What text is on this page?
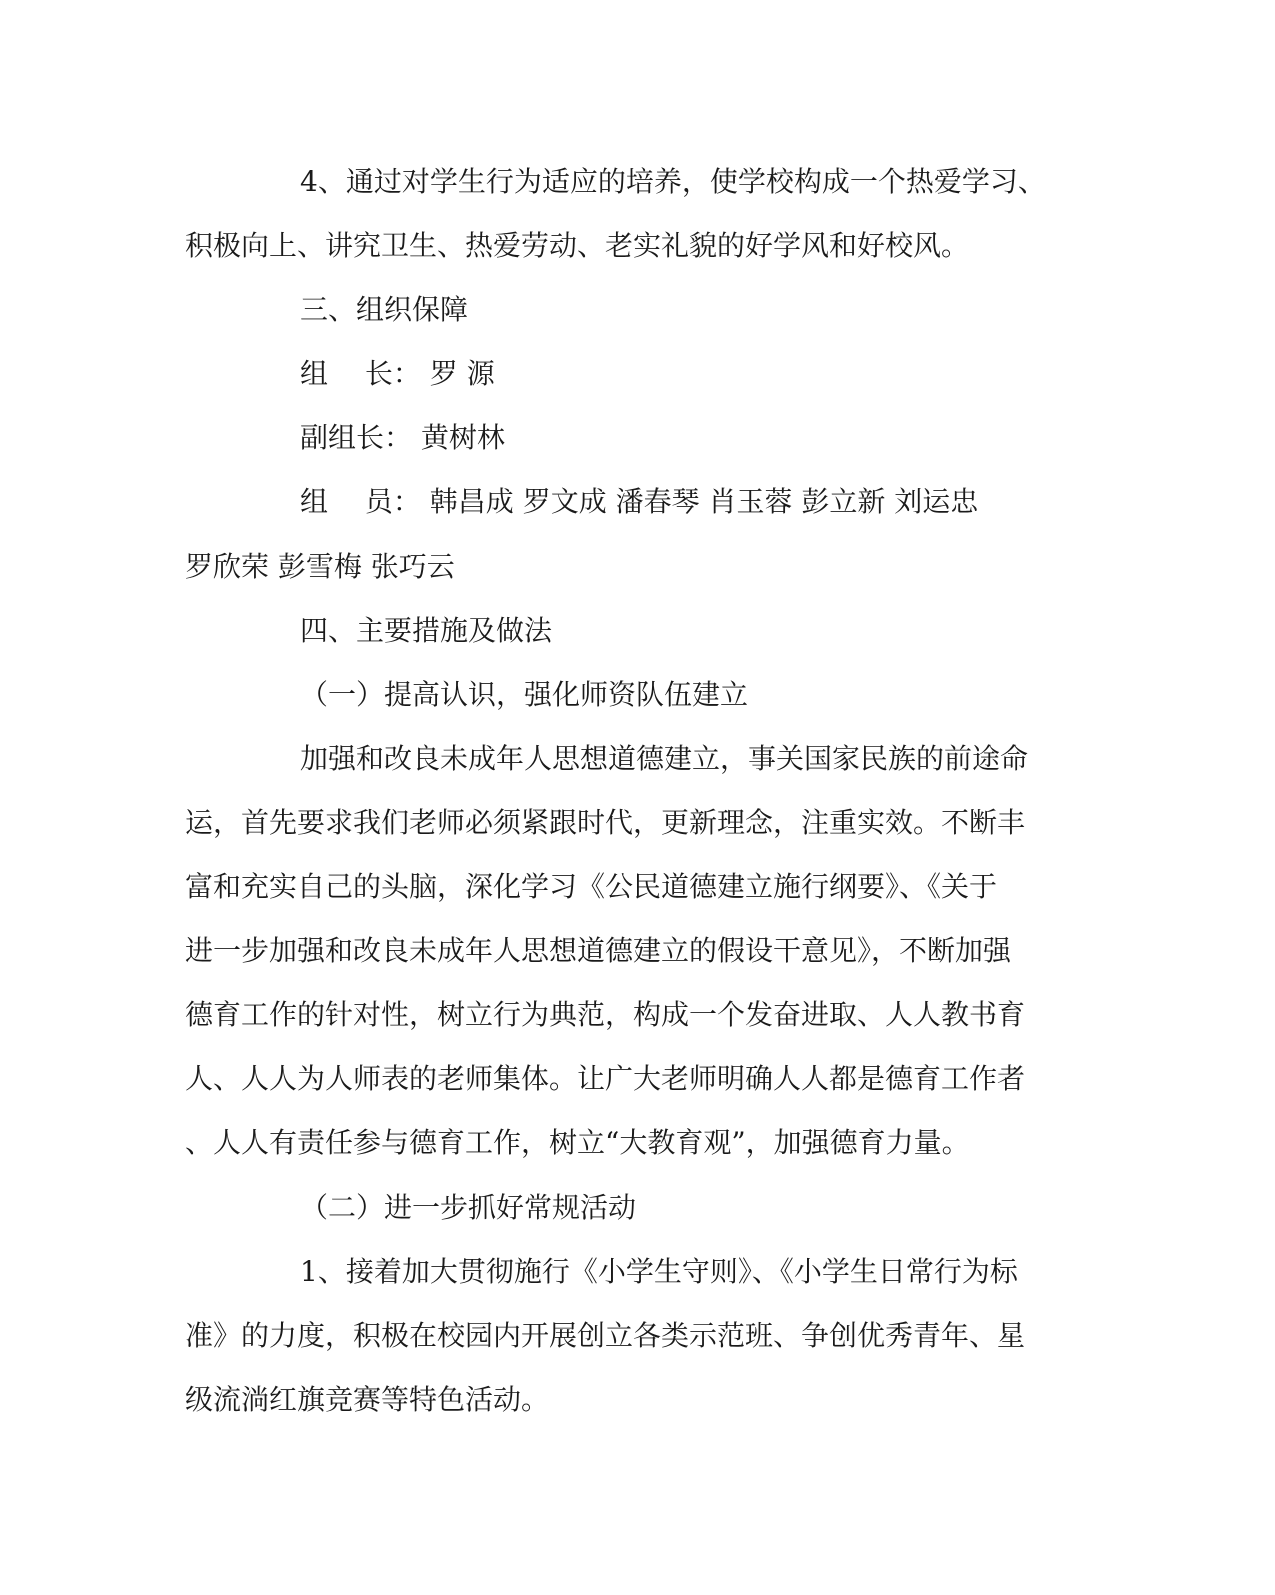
4、通过对学生行为适应的培养，使学校构成一个热爱学习、
积极向上、讲究卫生、热爱劳动、老实礼貌的好学风和好校风。
三、组织保障
组　 长： 罗 源
副组长： 黄树林
组　 员： 韩昌成 罗文成 潘春琴 肖玉蓉 彭立新 刘运忠
罗欣荣 彭雪梅 张巧云
四、主要措施及做法
（一）提高认识，强化师资队伍建立
加强和改良未成年人思想道德建立，事关国家民族的前途命
运，首先要求我们老师必须紧跟时代，更新理念，注重实效。不断丰
富和充实自己的头脑，深化学习《公民道德建立施行纲要》、《关于
进一步加强和改良未成年人思想道德建立的假设干意见》，不断加强
德育工作的针对性，树立行为典范，构成一个发奋进取、人人教书育
人、人人为人师表的老师集体。让广大老师明确人人都是德育工作者
、人人有责任参与德育工作，树立“大教育观”，加强德育力量。
（二）进一步抓好常规活动
1、接着加大贯彻施行《小学生守则》、《小学生日常行为标
准》的力度，积极在校园内开展创立各类示范班、争创优秀青年、星
级流淌红旗竞赛等特色活动。
